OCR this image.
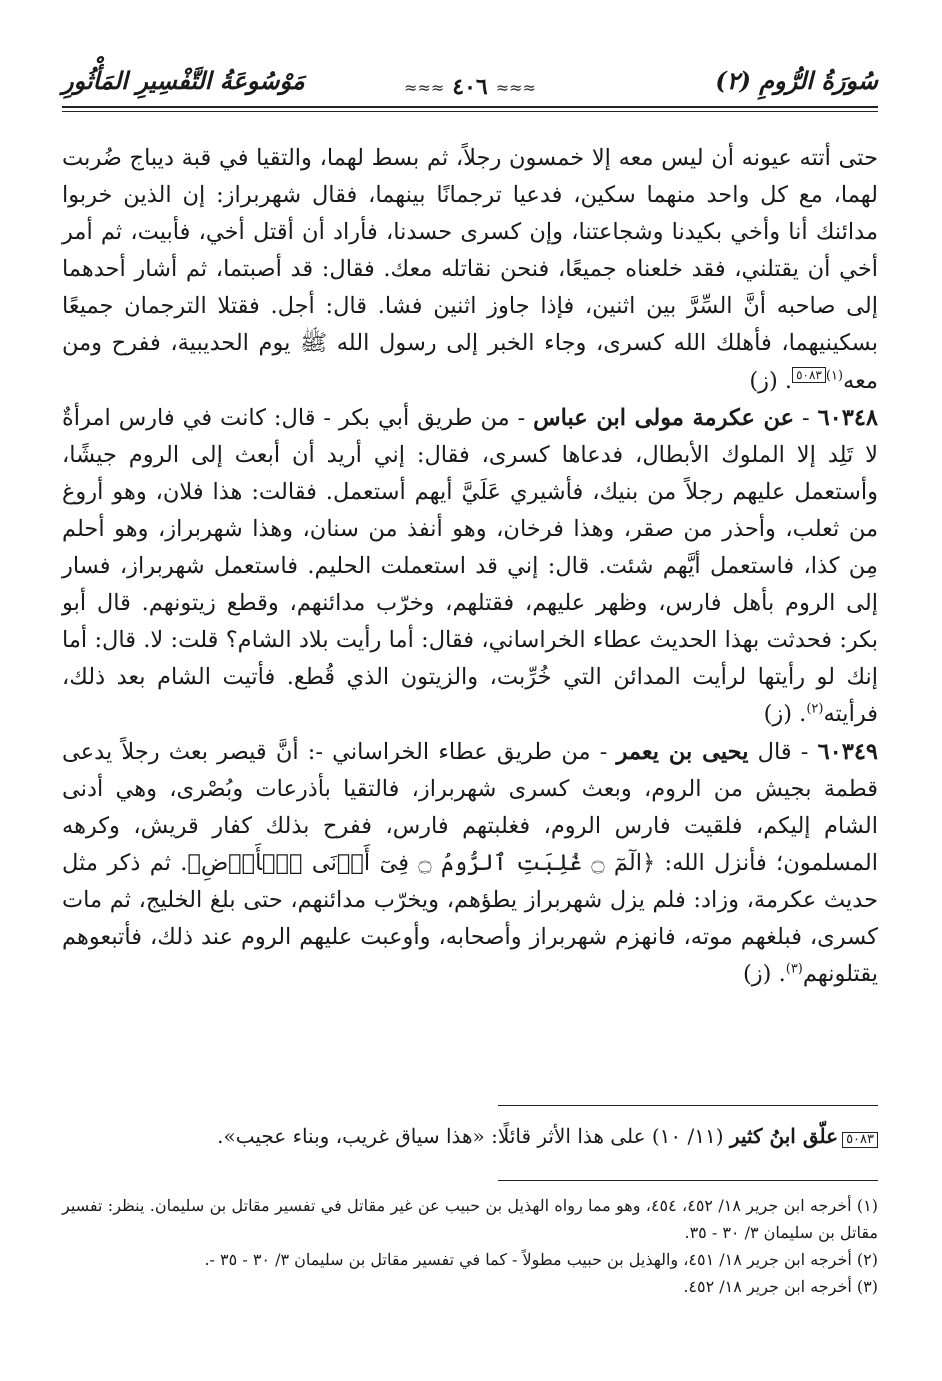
سُورَةُ الرُّومِ (٢)
≈≈≈ ٤٠٦ ≈≈≈
مَوْسُوعَةُ التَّفْسِيرِ المَأْثُورِ

حتى أتته عيونه أن ليس معه إلا خمسون رجلاً، ثم بسط لهما، والتقيا في قبة ديباج ضُربت لهما، مع كل واحد منهما سكين، فدعيا ترجمانًا بينهما، فقال شهربراز: إن الذين خربوا مدائنك أنا وأخي بكيدنا وشجاعتنا، وإن كسرى حسدنا، فأراد أن أقتل أخي، فأبيت، ثم أمر أخي أن يقتلني، فقد خلعناه جميعًا، فنحن نقاتله معك. فقال: قد أصبتما، ثم أشار أحدهما إلى صاحبه أنَّ السِّرَّ بين اثنين، فإذا جاوز اثنين فشا. قال: أجل. فقتلا الترجمان جميعًا بسكينيهما، فأهلك الله كسرى، وجاء الخبر إلى رسول الله ﷺ يوم الحديبية، ففرح ومن معه$^{(١)}$٥٠٨٣. (ز)

٦٠٣٤٨ - عن عكرمة مولى ابن عباس - من طريق أبي بكر - قال: كانت في فارس امرأةٌ لا تَلِد إلا الملوك الأبطال، فدعاها كسرى، فقال: إني أريد أن أبعث إلى الروم جيشًا، وأستعمل عليهم رجلاً من بنيك، فأشيري عَلَيَّ أيهم أستعمل. فقالت: هذا فلان، وهو أروغ من ثعلب، وأحذر من صقر، وهذا فرخان، وهو أنفذ من سنان، وهذا شهربراز، وهو أحلم مِن كذا، فاستعمل أيَّهم شئت. قال: إني قد استعملت الحليم. فاستعمل شهربراز، فسار إلى الروم بأهل فارس، وظهر عليهم، فقتلهم، وخرّب مدائنهم، وقطع زيتونهم. قال أبو بكر: فحدثت بهذا الحديث عطاء الخراساني، فقال: أما رأيت بلاد الشام؟ قلت: لا. قال: أما إنك لو رأيتها لرأيت المدائن التي خُرِّبت، والزيتون الذي قُطع. فأتيت الشام بعد ذلك، فرأيته$^{(٢)}$. (ز)

٦٠٣٤٩ - قال يحيى بن يعمر - من طريق عطاء الخراساني -: أنَّ قيصر بعث رجلاً يدعى قطمة بجيش من الروم، وبعث كسرى شهربراز، فالتقيا بأذرعات وبُصْرى، وهي أدنى الشام إليكم، فلقيت فارس الروم، فغلبتهم فارس، ففرح بذلك كفار قريش، وكرهه المسلمون؛ فأنزل الله: ﴿الٓمٓ ۝ غُلِبَتِ ٱلرُّومُ ۝ فِىٓ أَدۡنَى ٱلۡأَرۡضِ﴾. ثم ذكر مثل حديث عكرمة، وزاد: فلم يزل شهربراز يطؤهم، ويخرّب مدائنهم، حتى بلغ الخليج، ثم مات كسرى، فبلغهم موته، فانهزم شهربراز وأصحابه، وأوعبت عليهم الروم عند ذلك، فأتبعوهم يقتلونهم$^{(٣)}$. (ز)

٥٠٨٣علّق ابنُ كثير (١١/ ١٠) على هذا الأثر قائلًا: «هذا سياق غريب، وبناء عجيب».

(١) أخرجه ابن جرير ١٨/ ٤٥٢، ٤٥٤، وهو مما رواه الهذيل بن حبيب عن غير مقاتل في تفسير مقاتل بن سليمان. ينظر: تفسير مقاتل بن سليمان ٣/ ٣٠ - ٣٥.

(٢) أخرجه ابن جرير ١٨/ ٤٥١، والهذيل بن حبيب مطولاً - كما في تفسير مقاتل بن سليمان ٣/ ٣٠ - ٣٥ -.

(٣) أخرجه ابن جرير ١٨/ ٤٥٢.
